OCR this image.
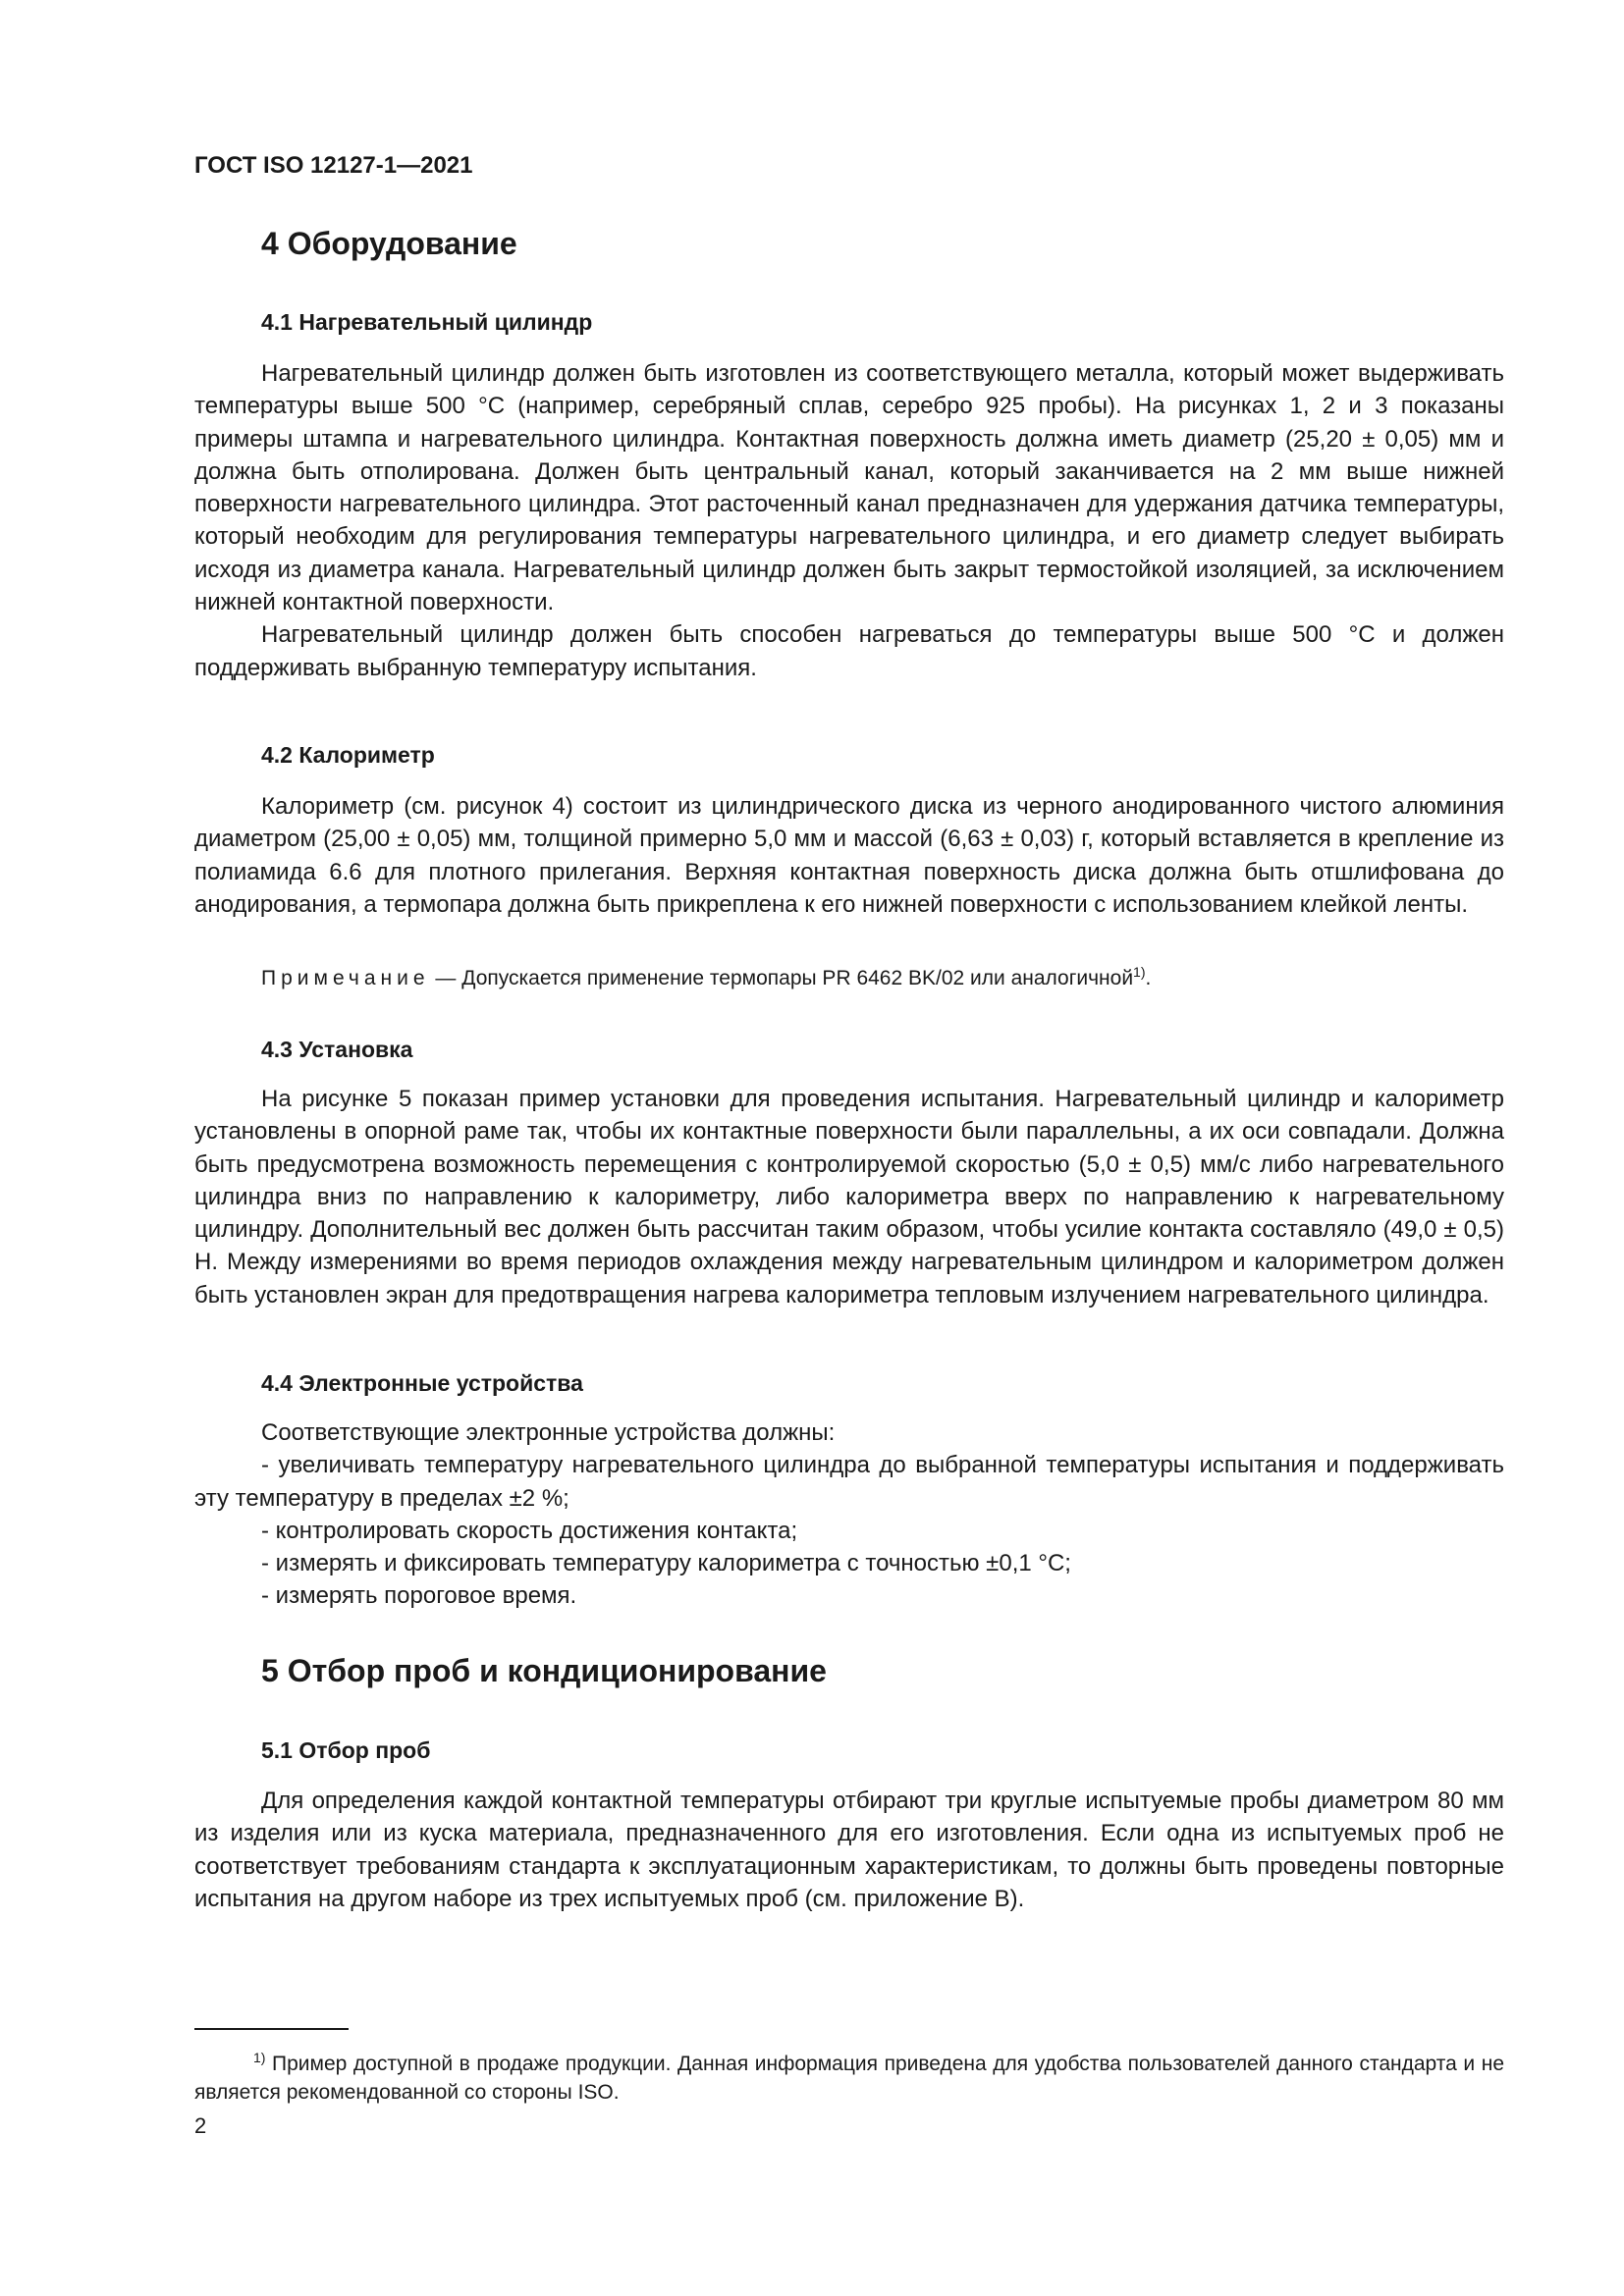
ГОСТ ISO 12127-1—2021
4 Оборудование
4.1 Нагревательный цилиндр

Нагревательный цилиндр должен быть изготовлен из соответствующего металла, который может выдерживать температуры выше 500 °С (например, серебряный сплав, серебро 925 пробы). На рисунках 1, 2 и 3 показаны примеры штампа и нагревательного цилиндра. Контактная поверхность должна иметь диаметр (25,20 ± 0,05) мм и должна быть отполирована. Должен быть центральный канал, который заканчивается на 2 мм выше нижней поверхности нагревательного цилиндра. Этот расточенный канал предназначен для удержания датчика температуры, который необходим для регулирования температуры нагревательного цилиндра, и его диаметр следует выбирать исходя из диаметра канала. Нагревательный цилиндр должен быть закрыт термостойкой изоляцией, за исключением нижней контактной поверхности.

Нагревательный цилиндр должен быть способен нагреваться до температуры выше 500 °С и должен поддерживать выбранную температуру испытания.

4.2 Калориметр

Калориметр (см. рисунок 4) состоит из цилиндрического диска из черного анодированного чистого алюминия диаметром (25,00 ± 0,05) мм, толщиной примерно 5,0 мм и массой (6,63 ± 0,03) г, который вставляется в крепление из полиамида 6.6 для плотного прилегания. Верхняя контактная поверхность диска должна быть отшлифована до анодирования, а термопара должна быть прикреплена к его нижней поверхности с использованием клейкой ленты.

Примечание — Допускается применение термопары PR 6462 BK/02 или аналогичной$^{1)}$.
4.3 Установка

На рисунке 5 показан пример установки для проведения испытания. Нагревательный цилиндр и калориметр установлены в опорной раме так, чтобы их контактные поверхности были параллельны, а их оси совпадали. Должна быть предусмотрена возможность перемещения с контролируемой скоростью (5,0 ± 0,5) мм/с либо нагревательного цилиндра вниз по направлению к калориметру, либо калориметра вверх по направлению к нагревательному цилиндру. Дополнительный вес должен быть рассчитан таким образом, чтобы усилие контакта составляло (49,0 ± 0,5) Н. Между измерениями во время периодов охлаждения между нагревательным цилиндром и калориметром должен быть установлен экран для предотвращения нагрева калориметра тепловым излучением нагревательного цилиндра.

4.4 Электронные устройства

Соответствующие электронные устройства должны:

- увеличивать температуру нагревательного цилиндра до выбранной температуры испытания и поддерживать эту температуру в пределах ±2 %;

- контролировать скорость достижения контакта;

- измерять и фиксировать температуру калориметра с точностью ±0,1 °С;

- измерять пороговое время.

5 Отбор проб и кондиционирование
5.1 Отбор проб

Для определения каждой контактной температуры отбирают три круглые испытуемые пробы диаметром 80 мм из изделия или из куска материала, предназначенного для его изготовления. Если одна из испытуемых проб не соответствует требованиям стандарта к эксплуатационным характеристикам, то должны быть проведены повторные испытания на другом наборе из трех испытуемых проб (см. приложение В).

$^{1)}$ Пример доступной в продаже продукции. Данная информация приведена для удобства пользователей данного стандарта и не является рекомендованной со стороны ISO.
2
